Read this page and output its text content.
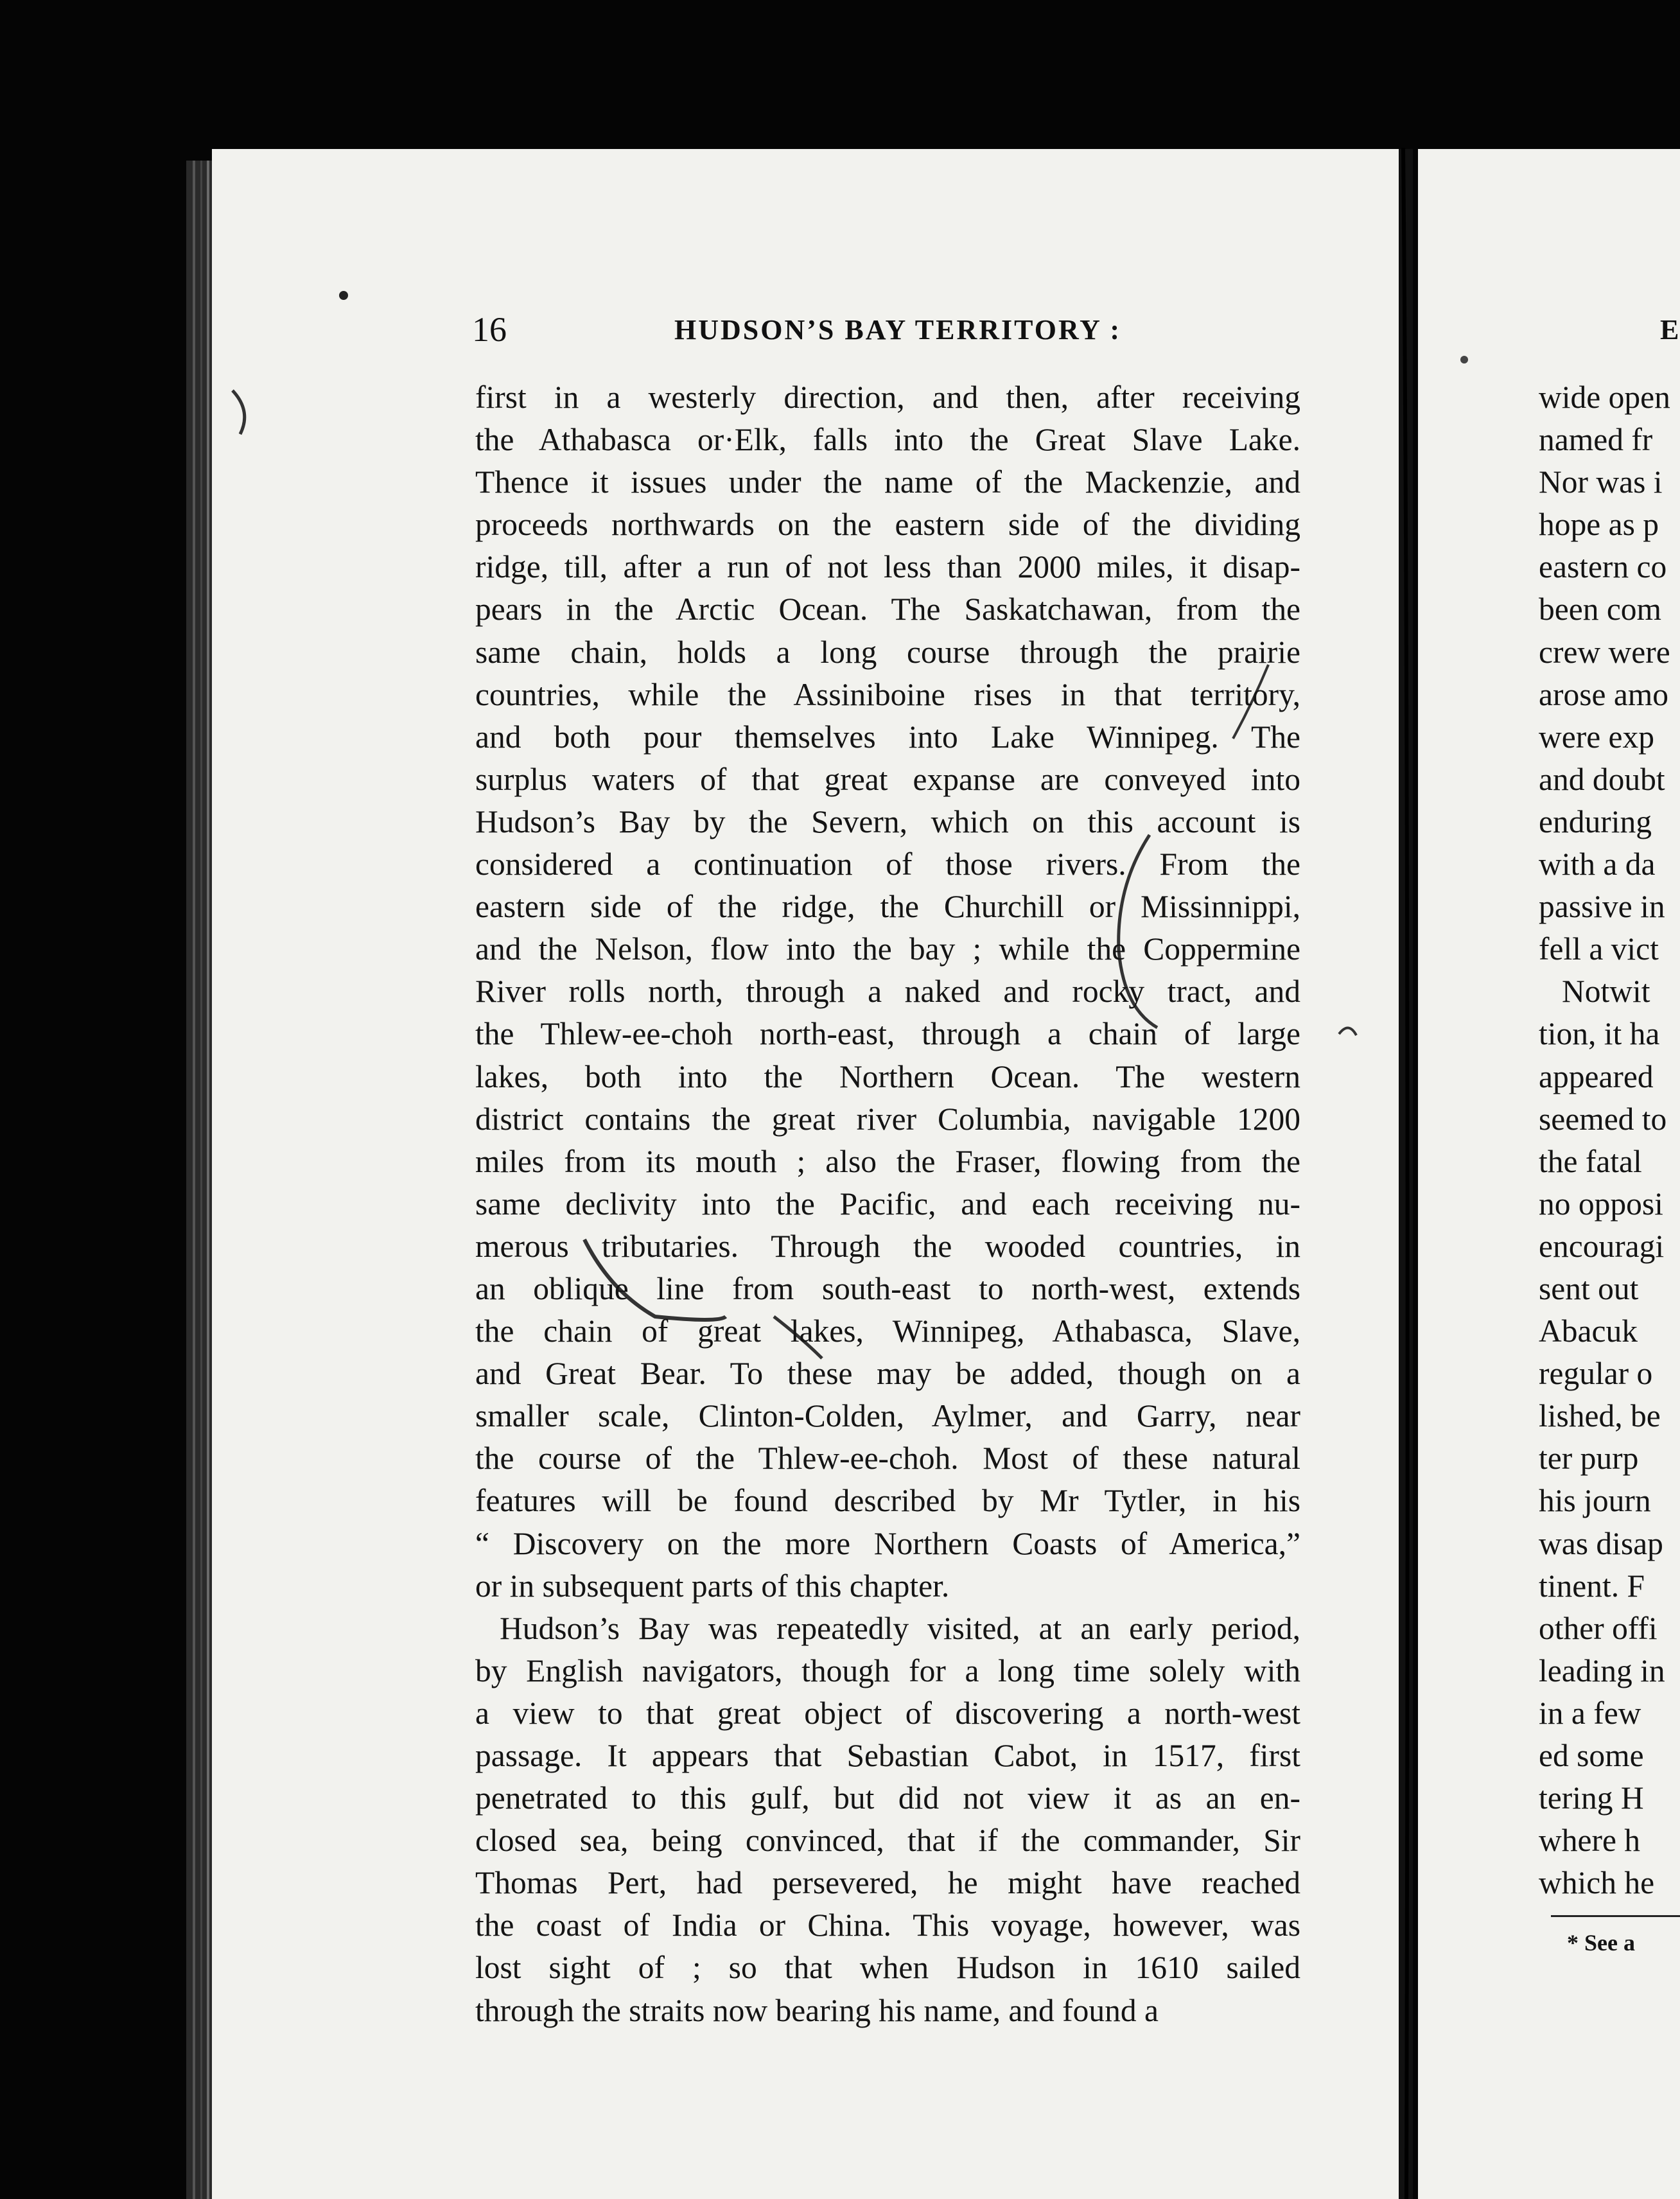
16	HUDSON’S BAY TERRITORY :	E
first in a westerly direction, and then, after receiving
the Athabasca or·Elk, falls into the Great Slave Lake.
Thence it issues under the name of the Mackenzie, and
proceeds northwards on the eastern side of the dividing
ridge, till, after a run of not less than 2000 miles, it disap-
pears in the Arctic Ocean. The Saskatchawan, from the
same chain, holds a long course through the prairie
countries, while the Assiniboine rises in that territory,
and both pour themselves into Lake Winnipeg. The
surplus waters of that great expanse are conveyed into
Hudson’s Bay by the Severn, which on this account is
considered a continuation of those rivers. From the
eastern side of the ridge, the Churchill or Missinnippi,
and the Nelson, flow into the bay ; while the Coppermine
River rolls north, through a naked and rocky tract, and
the Thlew-ee-choh north-east, through a chain of large
lakes, both into the Northern Ocean. The western
district contains the great river Columbia, navigable 1200
miles from its mouth ; also the Fraser, flowing from the
same declivity into the Pacific, and each receiving nu-
merous tributaries. Through the wooded countries, in
an oblique line from south-east to north-west, extends
the chain of great lakes, Winnipeg, Athabasca, Slave,
and Great Bear. To these may be added, though on a
smaller scale, Clinton-Colden, Aylmer, and Garry, near
the course of the Thlew-ee-choh. Most of these natural
features will be found described by Mr Tytler, in his
“ Discovery on the more Northern Coasts of America,”
or in subsequent parts of this chapter.
Hudson’s Bay was repeatedly visited, at an early period,
by English navigators, though for a long time solely with
a view to that great object of discovering a north-west
passage. It appears that Sebastian Cabot, in 1517, first
penetrated to this gulf, but did not view it as an en-
closed sea, being convinced, that if the commander, Sir
Thomas Pert, had persevered, he might have reached
the coast of India or China. This voyage, however, was
lost sight of ; so that when Hudson in 1610 sailed
through the straits now bearing his name, and found a
wide open
named fr
Nor was i
hope as p
eastern co
been com
crew were
arose amo
were exp
and doubt
enduring
with a da
passive in
fell a vict
Notwit
tion, it ha
appeared
seemed to
the fatal
no opposi
encouragi
sent out
Abacuk
regular o
lished, be
ter purp
his journ
was disap
tinent. F
other offi
leading in
in a few
ed some
tering H
where h
which he
* See a
